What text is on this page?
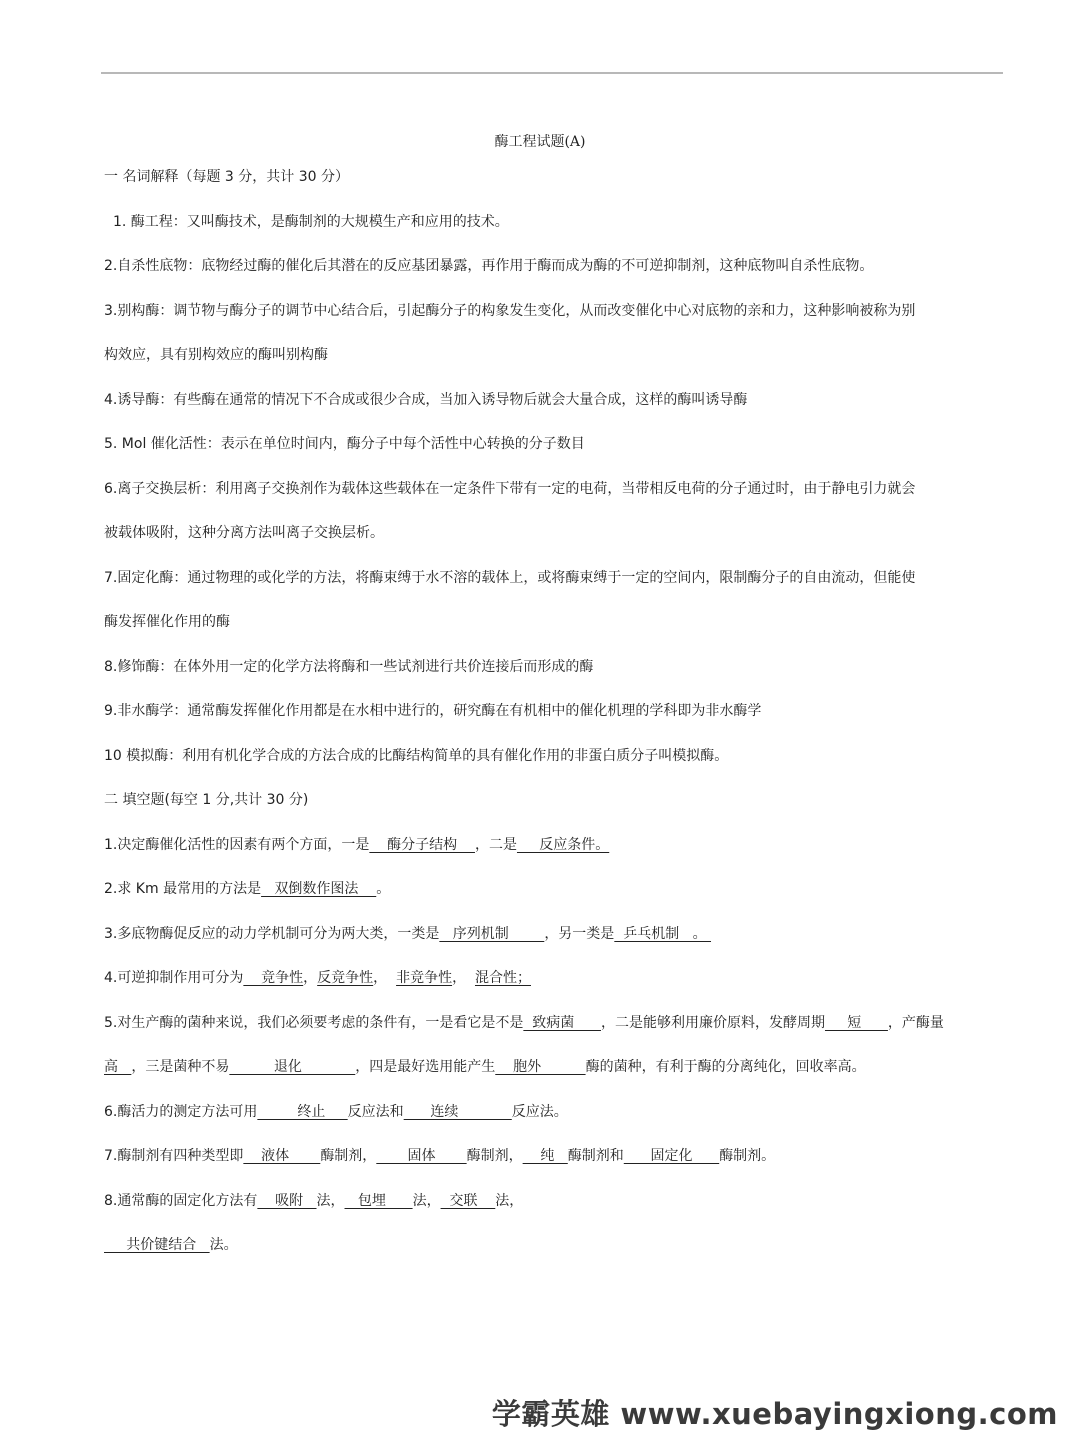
酶工程试题(A)
一 名词解释（每题 3 分，共计 30 分）
1. 酶工程：又叫酶技术，是酶制剂的大规模生产和应用的技术。
2.自杀性底物：底物经过酶的催化后其潜在的反应基团暴露，再作用于酶而成为酶的不可逆抑制剂，这种底物叫自杀性底物。
3.别构酶：调节物与酶分子的调节中心结合后，引起酶分子的构象发生变化，从而改变催化中心对底物的亲和力，这种影响被称为别
构效应，具有别构效应的酶叫别构酶
4.诱导酶：有些酶在通常的情况下不合成或很少合成，当加入诱导物后就会大量合成，这样的酶叫诱导酶
5. Mol 催化活性：表示在单位时间内，酶分子中每个活性中心转换的分子数目
6.离子交换层析：利用离子交换剂作为载体这些载体在一定条件下带有一定的电荷，当带相反电荷的分子通过时，由于静电引力就会
被载体吸附，这种分离方法叫离子交换层析。
7.固定化酶：通过物理的或化学的方法，将酶束缚于水不溶的载体上，或将酶束缚于一定的空间内，限制酶分子的自由流动，但能使
酶发挥催化作用的酶
8.修饰酶：在体外用一定的化学方法将酶和一些试剂进行共价连接后而形成的酶
9.非水酶学：通常酶发挥催化作用都是在水相中进行的，研究酶在有机相中的催化机理的学科即为非水酶学
10 模拟酶：利用有机化学合成的方法合成的比酶结构简单的具有催化作用的非蛋白质分子叫模拟酶。
二 填空题(每空 1 分,共计 30 分)
1.决定酶催化活性的因素有两个方面，一是    酶分子结构    ，二是     反应条件。
2.求 Km 最常用的方法是   双倒数作图法    。
3.多底物酶促反应的动力学机制可分为两大类，一类是   序列机制        ，另一类是  乒乓机制   。
4.可逆抑制作用可分为    竞争性，反竞争性，  非竞争性，  混合性；
5.对生产酶的菌种来说，我们必须要考虑的条件有，一是看它是不是  致病菌      ，二是能够利用廉价原料，发酵周期     短      ，产酶量
高   ，三是菌种不易          退化            ，四是最好选用能产生    胞外          酶的菌种，有利于酶的分离纯化，回收率高。
6.酶活力的测定方法可用         终止     反应法和      连续            反应法。
7.酶制剂有四种类型即    液体       酶制剂，       固体       酶制剂，    纯   酶制剂和      固定化      酶制剂。
8.通常酶的固定化方法有    吸附   法，   包埋      法，  交联    法，
共价键结合   法。
学霸英雄 www.xuebayingxiong.com
